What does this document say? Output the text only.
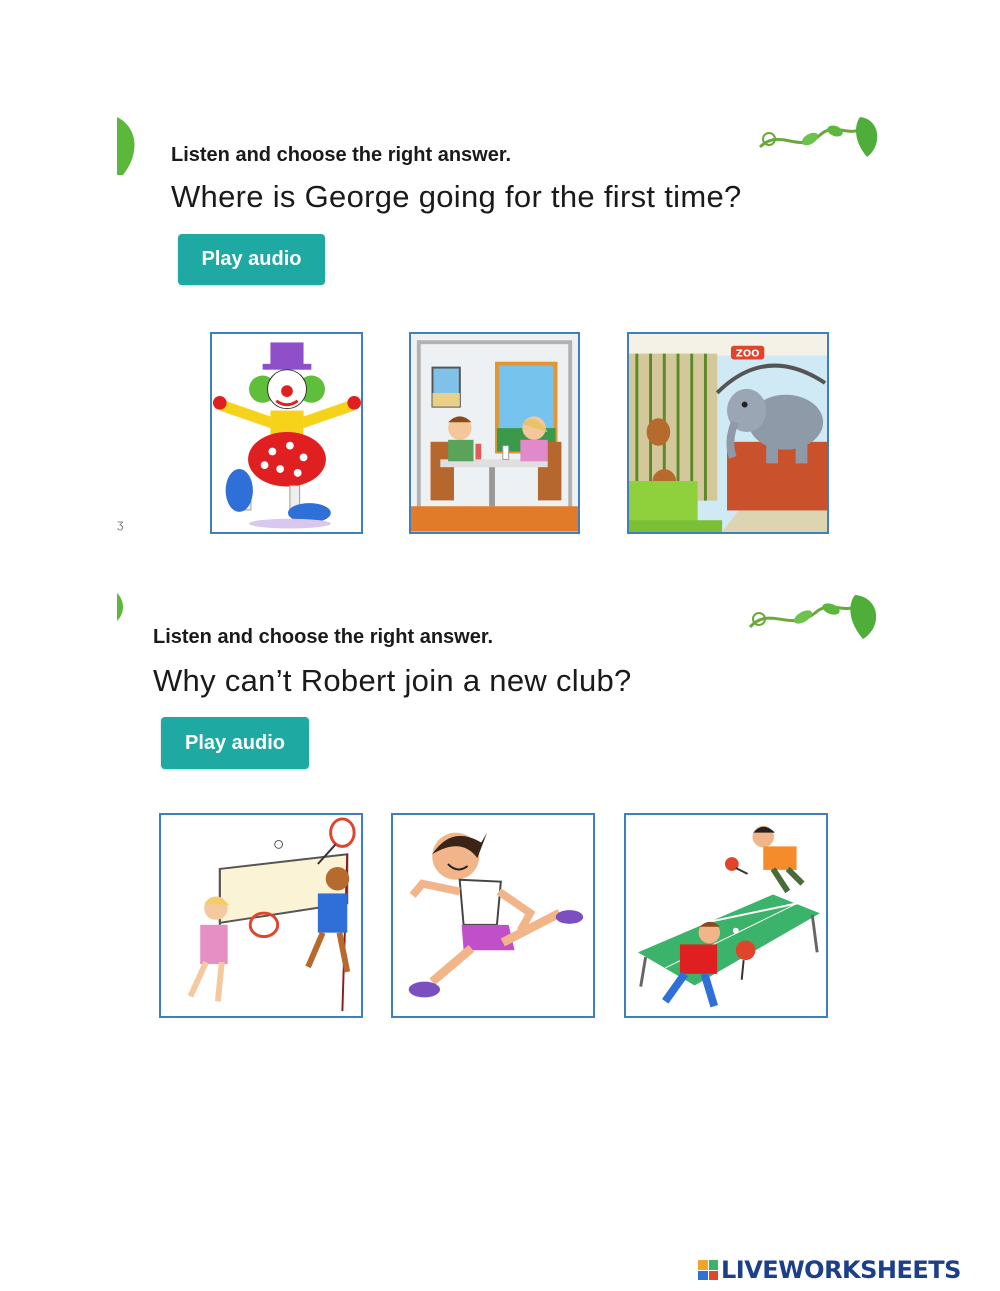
Listen and choose the right answer.
Where is George going for the first time?
Play audio
ZOO
ʒ
Listen and choose the right answer.
Why can’t Robert join a new club?
Play audio
LIVEWORKSHEETS
